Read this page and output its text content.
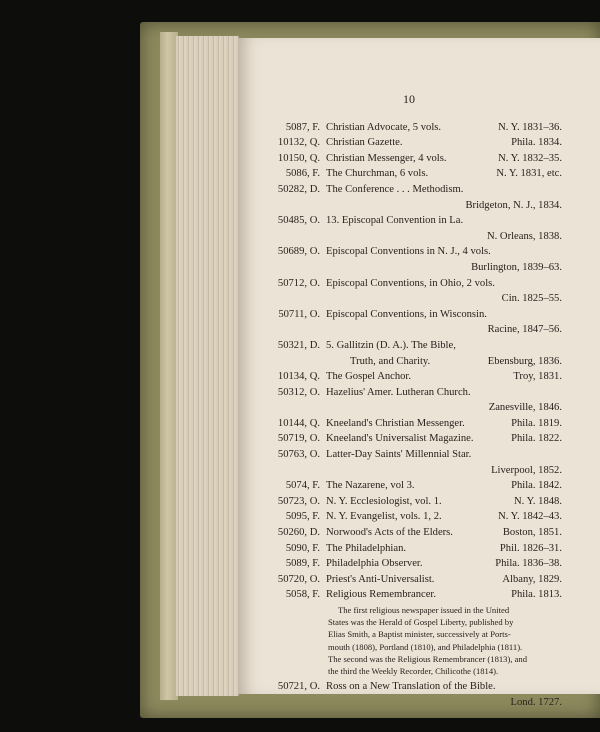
10
5087, F. Christian Advocate, 5 vols.	N. Y. 1831–36.
10132, Q. Christian Gazette.	Phila. 1834.
10150, Q. Christian Messenger, 4 vols.	N. Y. 1832–35.
5086, F. The Churchman, 6 vols.	N. Y. 1831, etc.
50282, D. The Conference . . . Methodism.
Bridgeton, N. J., 1834.
50485, O. 13. Episcopal Convention in La.
N. Orleans, 1838.
50689, O. Episcopal Conventions in N. J., 4 vols.
Burlington, 1839–63.
50712, O. Episcopal Conventions, in Ohio, 2 vols.
Cin. 1825–55.
50711, O. Episcopal Conventions, in Wisconsin.
Racine, 1847–56.
50321, D. 5. Gallitzin (D. A.). The Bible,
Truth, and Charity.	Ebensburg, 1836.
10134, Q. The Gospel Anchor.	Troy, 1831.
50312, O. Hazelius' Amer. Lutheran Church.
Zanesville, 1846.
10144, Q. Kneeland's Christian Messenger.	Phila. 1819.
50719, O. Kneeland's Universalist Magazine.	Phila. 1822.
50763, O. Latter-Day Saints' Millennial Star.
Liverpool, 1852.
5074, F. The Nazarene, vol 3.	Phila. 1842.
50723, O. N. Y. Ecclesiologist, vol. 1.	N. Y. 1848.
5095, F. N. Y. Evangelist, vols. 1, 2.	N. Y. 1842–43.
50260, D. Norwood's Acts of the Elders.	Boston, 1851.
5090, F. The Philadelphian.	Phil. 1826–31.
5089, F. Philadelphia Observer.	Phila. 1836–38.
50720, O. Priest's Anti-Universalist.	Albany, 1829.
5058, F. Religious Remembrancer.	Phila. 1813.
The first religious newspaper issued in the United
States was the Herald of Gospel Liberty, published by
Elias Smith, a Baptist minister, successively at Ports-
mouth (1808), Portland (1810), and Philadelphia (1811).
The second was the Religious Remembrancer (1813), and
the third the Weekly Recorder, Chilicothe (1814).
50721, O. Ross on a New Translation of the Bible.
Lond. 1727.
